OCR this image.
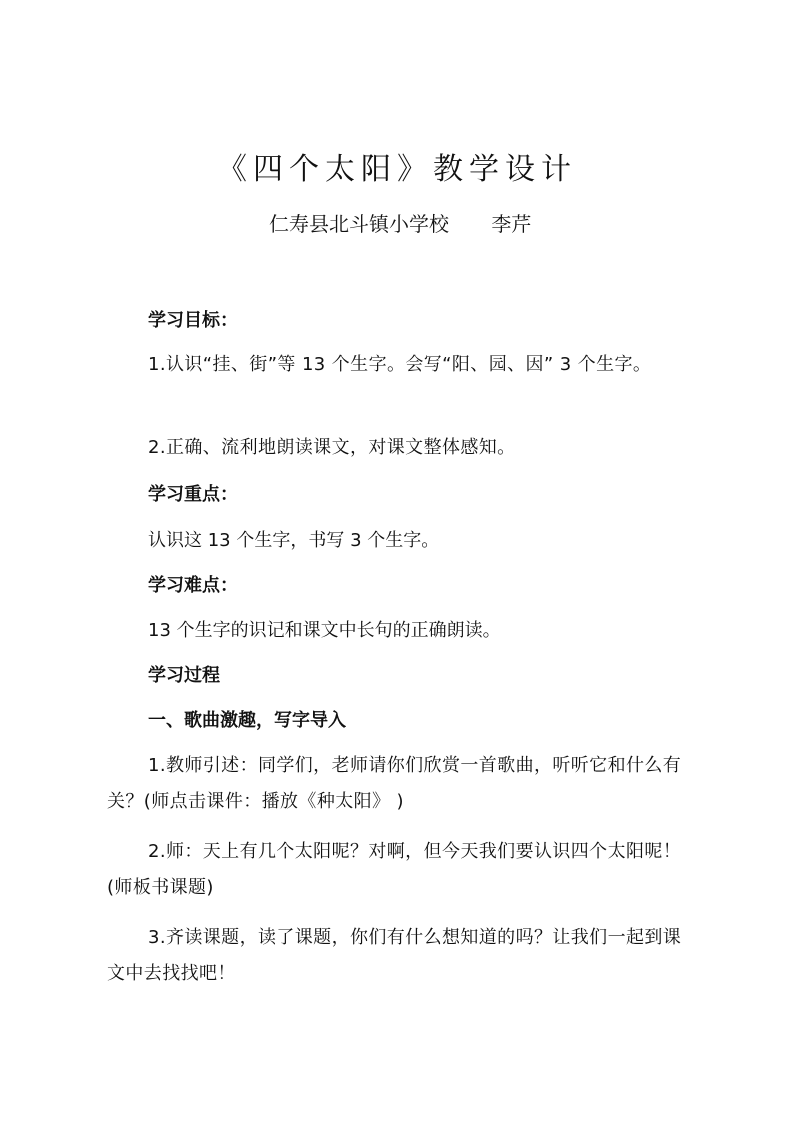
《四个太阳》教学设计
仁寿县北斗镇小学校 李芹
学习目标：
1.认识“挂、街”等 13 个生字。会写“阳、园、因” 3 个生字。
2.正确、流利地朗读课文，对课文整体感知。
学习重点：
认识这 13 个生字，书写 3 个生字。
学习难点：
13 个生字的识记和课文中长句的正确朗读。
学习过程
一、歌曲激趣，写字导入
1.教师引述：同学们，老师请你们欣赏一首歌曲，听听它和什么有关？(师点击课件：播放《种太阳》 )
2.师：天上有几个太阳呢？对啊，但今天我们要认识四个太阳呢！(师板书课题)
3.齐读课题，读了课题，你们有什么想知道的吗？让我们一起到课文中去找找吧！
